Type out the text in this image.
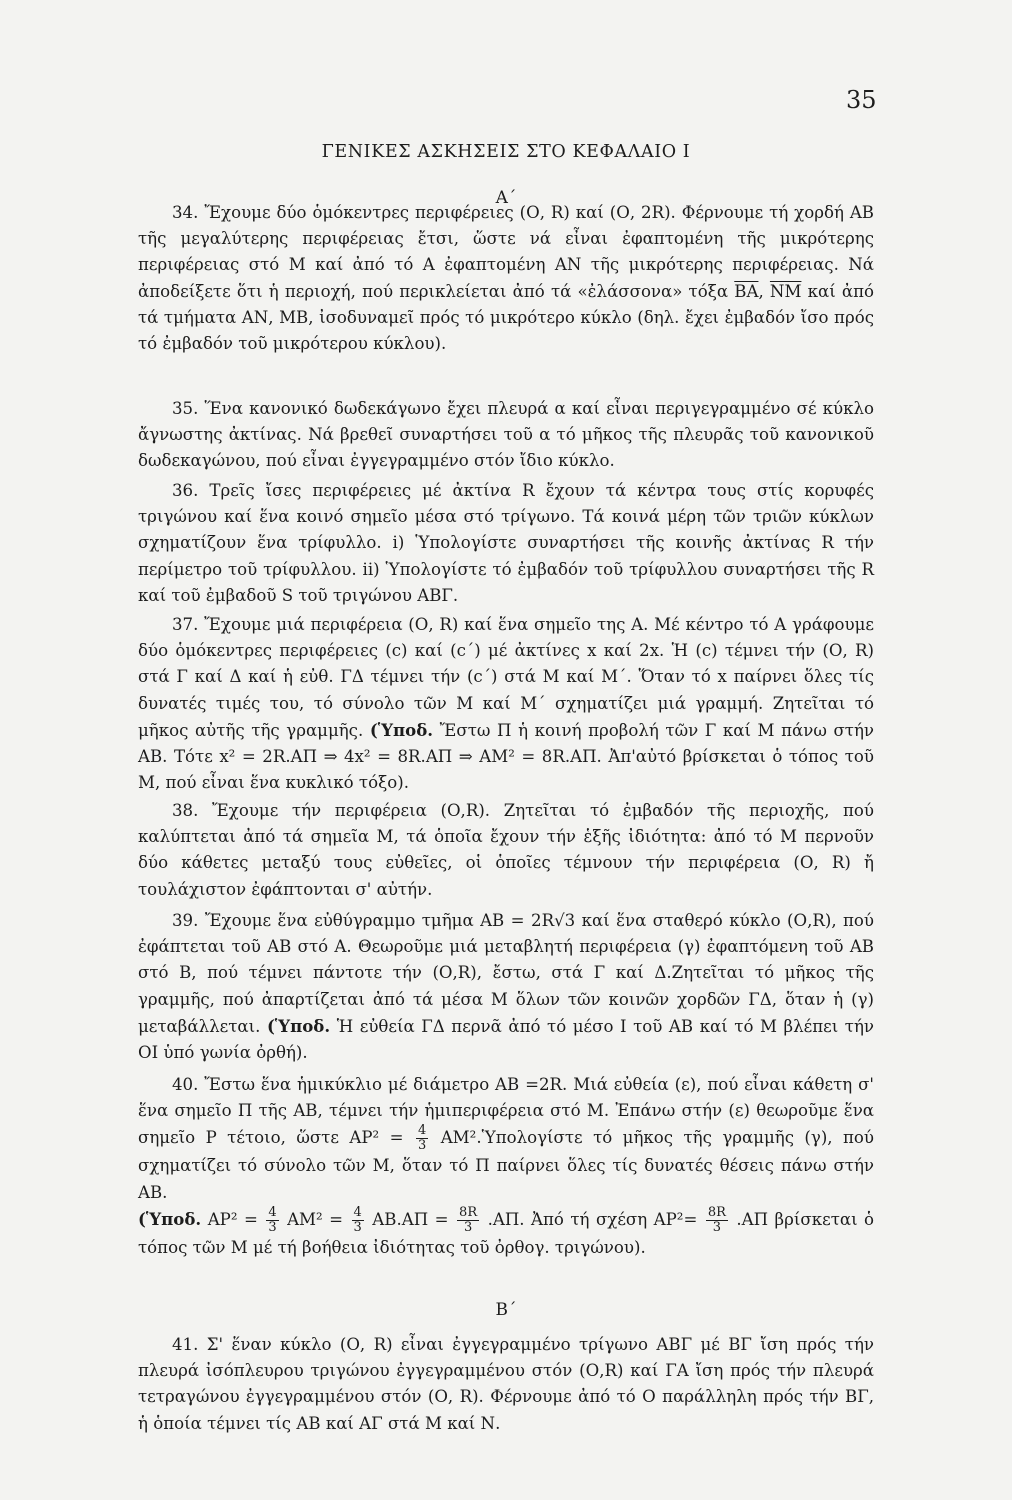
35
ΓΕΝΙΚΕΣ ΑΣΚΗΣΕΙΣ ΣΤΟ ΚΕΦΑΛΑΙΟ Ι
Α΄
34. Ἔχουμε δύο ὁμόκεντρες περιφέρειες (Ο, R) καί (Ο, 2R). Φέρνουμε τή χορδή ΑΒ τῆς μεγαλύτερης περιφέρειας ἔτσι, ὥστε νά εἶναι ἐφαπτομένη τῆς μικρότερης περιφέρειας στό Μ καί ἀπό τό Α ἐφαπτομένη ΑΝ τῆς μικρότερης περιφέρειας. Νά ἀποδείξετε ὅτι ἡ περιοχή, πού περικλείεται ἀπό τά «ἐλάσσονα» τόξα $\overline{BA}$, $\overline{NM}$ καί ἀπό τά τμήματα ΑΝ, ΜΒ, ἰσοδυναμεῖ πρός τό μικρότερο κύκλο (δηλ. ἔχει ἐμβαδόν ἴσο πρός τό ἐμβαδόν τοῦ μικρότερου κύκλου).
35. Ἕνα κανονικό δωδεκάγωνο ἔχει πλευρά α καί εἶναι περιγεγραμμένο σέ κύκλο ἄγνωστης ἀκτίνας. Νά βρεθεῖ συναρτήσει τοῦ α τό μῆκος τῆς πλευρᾶς τοῦ κανονικοῦ δωδεκαγώνου, πού εἶναι ἐγγεγραμμένο στόν ἴδιο κύκλο.
36. Τρεῖς ἴσες περιφέρειες μέ ἀκτίνα R ἔχουν τά κέντρα τους στίς κορυφές τριγώνου καί ἕνα κοινό σημεῖο μέσα στό τρίγωνο. Τά κοινά μέρη τῶν τριῶν κύκλων σχηματίζουν ἕνα τρίφυλλο. i) Ὑπολογίστε συναρτήσει τῆς κοινῆς ἀκτίνας R τήν περίμετρο τοῦ τρίφυλλου. ii) Ὑπολογίστε τό ἐμβαδόν τοῦ τρίφυλλου συναρτήσει τῆς R καί τοῦ ἐμβαδοῦ S τοῦ τριγώνου ΑΒΓ.
37. Ἔχουμε μιά περιφέρεια (Ο, R) καί ἕνα σημεῖο της Α. Μέ κέντρο τό Α γράφουμε δύο ὁμόκεντρες περιφέρειες (c) καί (c΄) μέ ἀκτίνες x καί 2x. Ἡ (c) τέμνει τήν (Ο, R) στά Γ καί Δ καί ἡ εὐθ. ΓΔ τέμνει τήν (c΄) στά Μ καί Μ΄. Ὅταν τό x παίρνει ὅλες τίς δυνατές τιμές του, τό σύνολο τῶν Μ καί Μ΄ σχηματίζει μιά γραμμή. Ζητεῖται τό μῆκος αὐτῆς τῆς γραμμῆς. (Ὑποδ. Ἔστω Π ἡ κοινή προβολή τῶν Γ καί Μ πάνω στήν ΑΒ. Τότε x² = 2R.ΑΠ ⇒ 4x² = 8R.ΑΠ ⇒ ΑΜ² = 8R.ΑΠ. Ἀπ'αὐτό βρίσκεται ὁ τόπος τοῦ Μ, πού εἶναι ἕνα κυκλικό τόξο).
38. Ἔχουμε τήν περιφέρεια (Ο,R). Ζητεῖται τό ἐμβαδόν τῆς περιοχῆς, πού καλύπτεται ἀπό τά σημεῖα Μ, τά ὁποῖα ἔχουν τήν ἑξῆς ἰδιότητα: ἀπό τό Μ περνοῦν δύο κάθετες μεταξύ τους εὐθεῖες, οἱ ὁποῖες τέμνουν τήν περιφέρεια (Ο, R) ἤ τουλάχιστον ἐφάπτονται σ' αὐτήν.
39. Ἔχουμε ἕνα εὐθύγραμμο τμῆμα ΑΒ = 2R√3 καί ἕνα σταθερό κύκλο (Ο,R), πού ἐφάπτεται τοῦ ΑΒ στό Α. Θεωροῦμε μιά μεταβλητή περιφέρεια (γ) ἐφαπτόμενη τοῦ ΑΒ στό Β, πού τέμνει πάντοτε τήν (Ο,R), ἔστω, στά Γ καί Δ.Ζητεῖται τό μῆκος τῆς γραμμῆς, πού ἀπαρτίζεται ἀπό τά μέσα Μ ὅλων τῶν κοινῶν χορδῶν ΓΔ, ὅταν ἡ (γ) μεταβάλλεται. (Ὑποδ. Ἡ εὐθεία ΓΔ περνᾶ ἀπό τό μέσο Ι τοῦ ΑΒ καί τό Μ βλέπει τήν ΟΙ ὑπό γωνία ὀρθή).
40. Ἔστω ἕνα ἡμικύκλιο μέ διάμετρο ΑΒ =2R. Μιά εὐθεία (ε), πού εἶναι κάθετη σ' ἕνα σημεῖο Π τῆς ΑΒ, τέμνει τήν ἡμιπεριφέρεια στό Μ. Ἐπάνω στήν (ε) θεωροῦμε ἕνα σημεῖο Ρ τέτοιο, ὥστε $AP^2 = \frac{4}{3}$ ΑΜ².Ὑπολογίστε τό μῆκος τῆς γραμμῆς (γ), πού σχηματίζει τό σύνολο τῶν Μ, ὅταν τό Π παίρνει ὅλες τίς δυνατές θέσεις πάνω στήν ΑΒ.
(Ὑποδ. $AP^2 = \frac{4}{3} AM^2 = \frac{4}{3} AB.A\Pi = \frac{8R}{3} .A\Pi$. Ἀπό τή σχέση $AP^2= \frac{8R}{3} .A\Pi$ βρίσκεται ὁ τόπος τῶν Μ μέ τή βοήθεια ἰδιότητας τοῦ ὀρθογ. τριγώνου).
Β΄
41. Σ' ἕναν κύκλο (Ο, R) εἶναι ἐγγεγραμμένο τρίγωνο ΑΒΓ μέ ΒΓ ἴση πρός τήν πλευρά ἰσόπλευρου τριγώνου ἐγγεγραμμένου στόν (Ο,R) καί ΓΑ ἴση πρός τήν πλευρά τετραγώνου ἐγγεγραμμένου στόν (Ο, R). Φέρνουμε ἀπό τό Ο παράλληλη πρός τήν ΒΓ, ἡ ὁποία τέμνει τίς ΑΒ καί ΑΓ στά Μ καί Ν.
